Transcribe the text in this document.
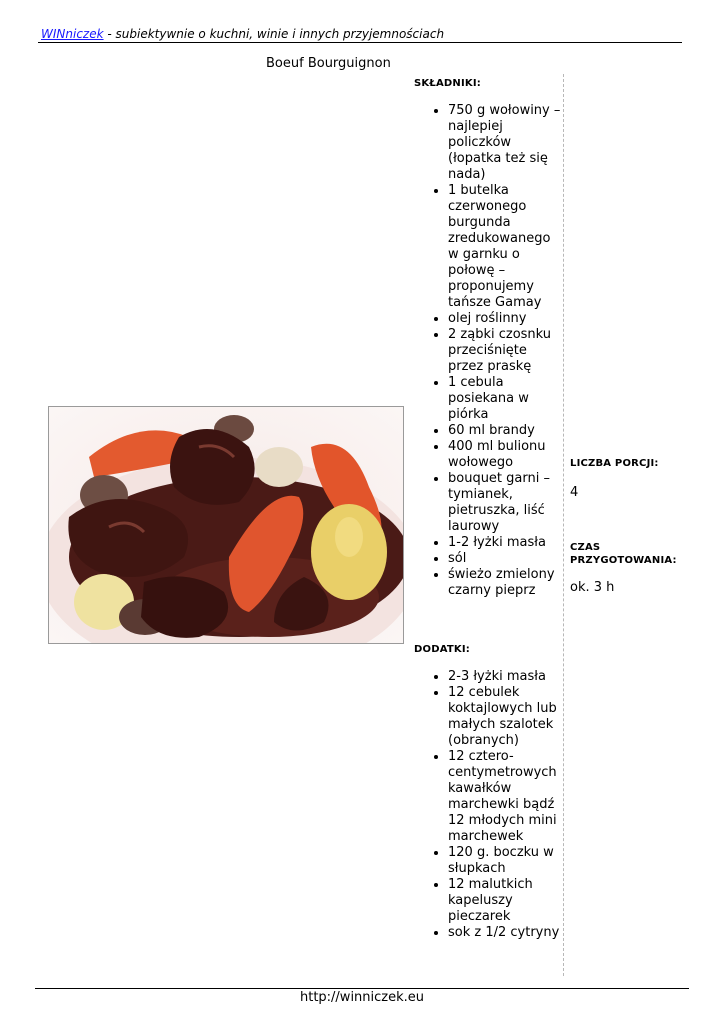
WINniczek - subiektywnie o kuchni, winie i innych przyjemnościach
Boeuf Bourguignon
SKŁADNIKI:
• 750 g wołowiny – najlepiej policzków (łopatka też się nada)
• 1 butelka czerwonego burgunda zredukowanego w garnku o połowę – proponujemy tańsze Gamay
• olej roślinny
• 2 ząbki czosnku przeciśnięte przez praskę
• 1 cebula posiekana w piórka
• 60 ml brandy
• 400 ml bulionu wołowego
• bouquet garni – tymianek, pietruszka, liść laurowy
• 1-2 łyżki masła
• sól
• świeżo zmielony czarny pieprz
DODATKI:
• 2-3 łyżki masła
• 12 cebulek koktajlowych lub małych szalotek (obranych)
• 12 cztero-centymetrowych kawałków marchewki bądź 12 młodych mini marchewek
• 120 g. boczku w słupkach
• 12 malutkich kapeluszy pieczarek
• sok z 1/2 cytryny
LICZBA PORCJI:
4
CZAS PRZYGOTOWANIA:
ok. 3 h
http://winniczek.eu
